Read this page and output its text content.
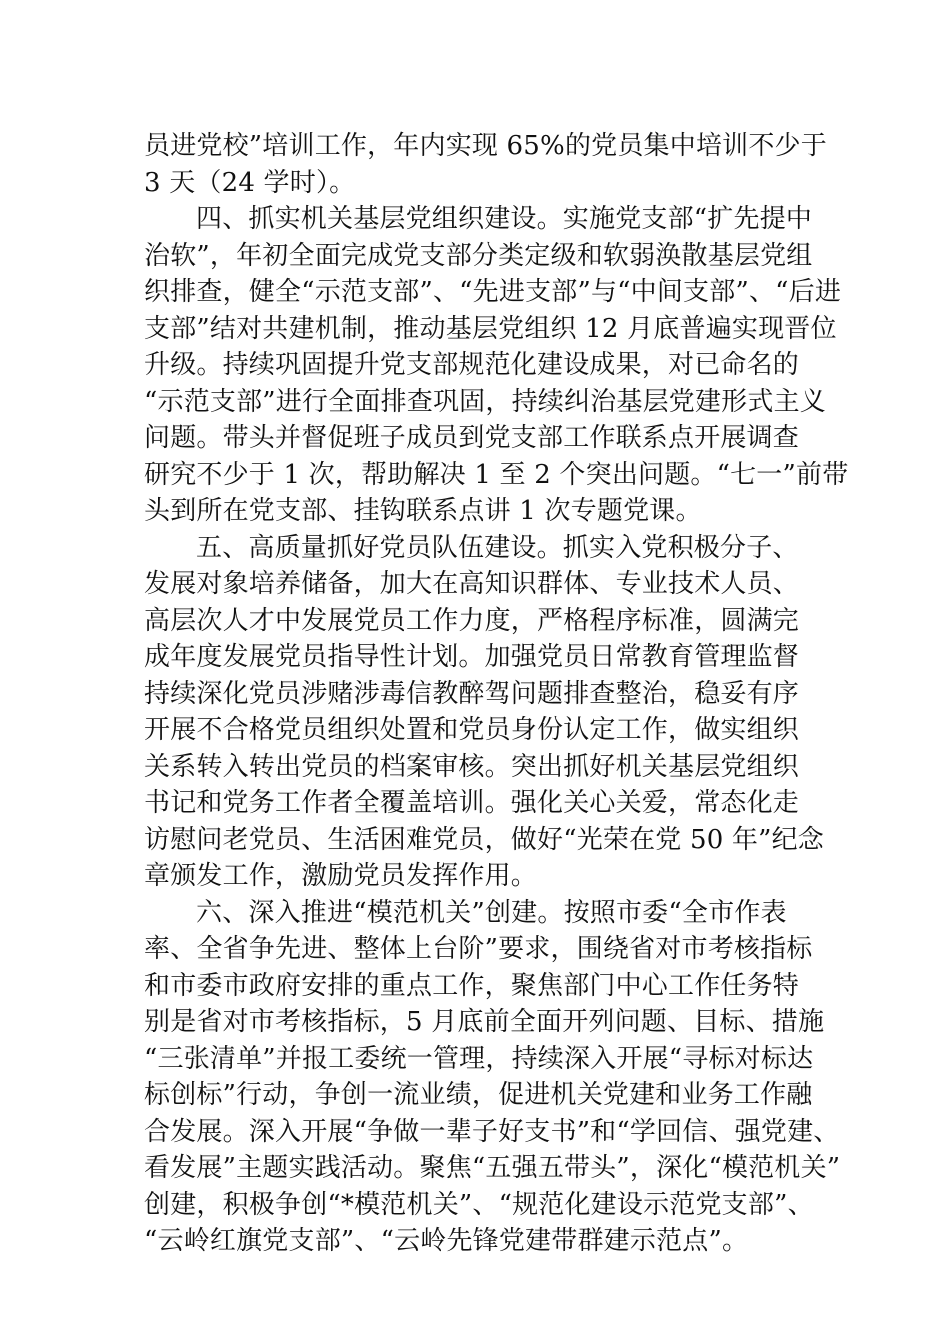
员进党校”培训工作，年内实现 65%的党员集中培训不少于
3 天（24 学时）。
四、抓实机关基层党组织建设。实施党支部“扩先提中
治软”，年初全面完成党支部分类定级和软弱涣散基层党组
织排查，健全“示范支部”、“先进支部”与“中间支部”、“后进
支部”结对共建机制，推动基层党组织 12 月底普遍实现晋位
升级。持续巩固提升党支部规范化建设成果，对已命名的
“示范支部”进行全面排查巩固，持续纠治基层党建形式主义
问题。带头并督促班子成员到党支部工作联系点开展调查
研究不少于 1 次，帮助解决 1 至 2 个突出问题。“七一”前带
头到所在党支部、挂钩联系点讲 1 次专题党课。
五、高质量抓好党员队伍建设。抓实入党积极分子、
发展对象培养储备，加大在高知识群体、专业技术人员、
高层次人才中发展党员工作力度，严格程序标准，圆满完
成年度发展党员指导性计划。加强党员日常教育管理监督
持续深化党员涉赌涉毒信教醉驾问题排查整治，稳妥有序
开展不合格党员组织处置和党员身份认定工作，做实组织
关系转入转出党员的档案审核。突出抓好机关基层党组织
书记和党务工作者全覆盖培训。强化关心关爱，常态化走
访慰问老党员、生活困难党员，做好“光荣在党 50 年”纪念
章颁发工作，激励党员发挥作用。
六、深入推进“模范机关”创建。按照市委“全市作表
率、全省争先进、整体上台阶”要求，围绕省对市考核指标
和市委市政府安排的重点工作，聚焦部门中心工作任务特
别是省对市考核指标，5 月底前全面开列问题、目标、措施
“三张清单”并报工委统一管理，持续深入开展“寻标对标达
标创标”行动，争创一流业绩，促进机关党建和业务工作融
合发展。深入开展“争做一辈子好支书”和“学回信、强党建、
看发展”主题实践活动。聚焦“五强五带头”，深化“模范机关”
创建，积极争创“*模范机关”、“规范化建设示范党支部”、
“云岭红旗党支部”、“云岭先锋党建带群建示范点”。
